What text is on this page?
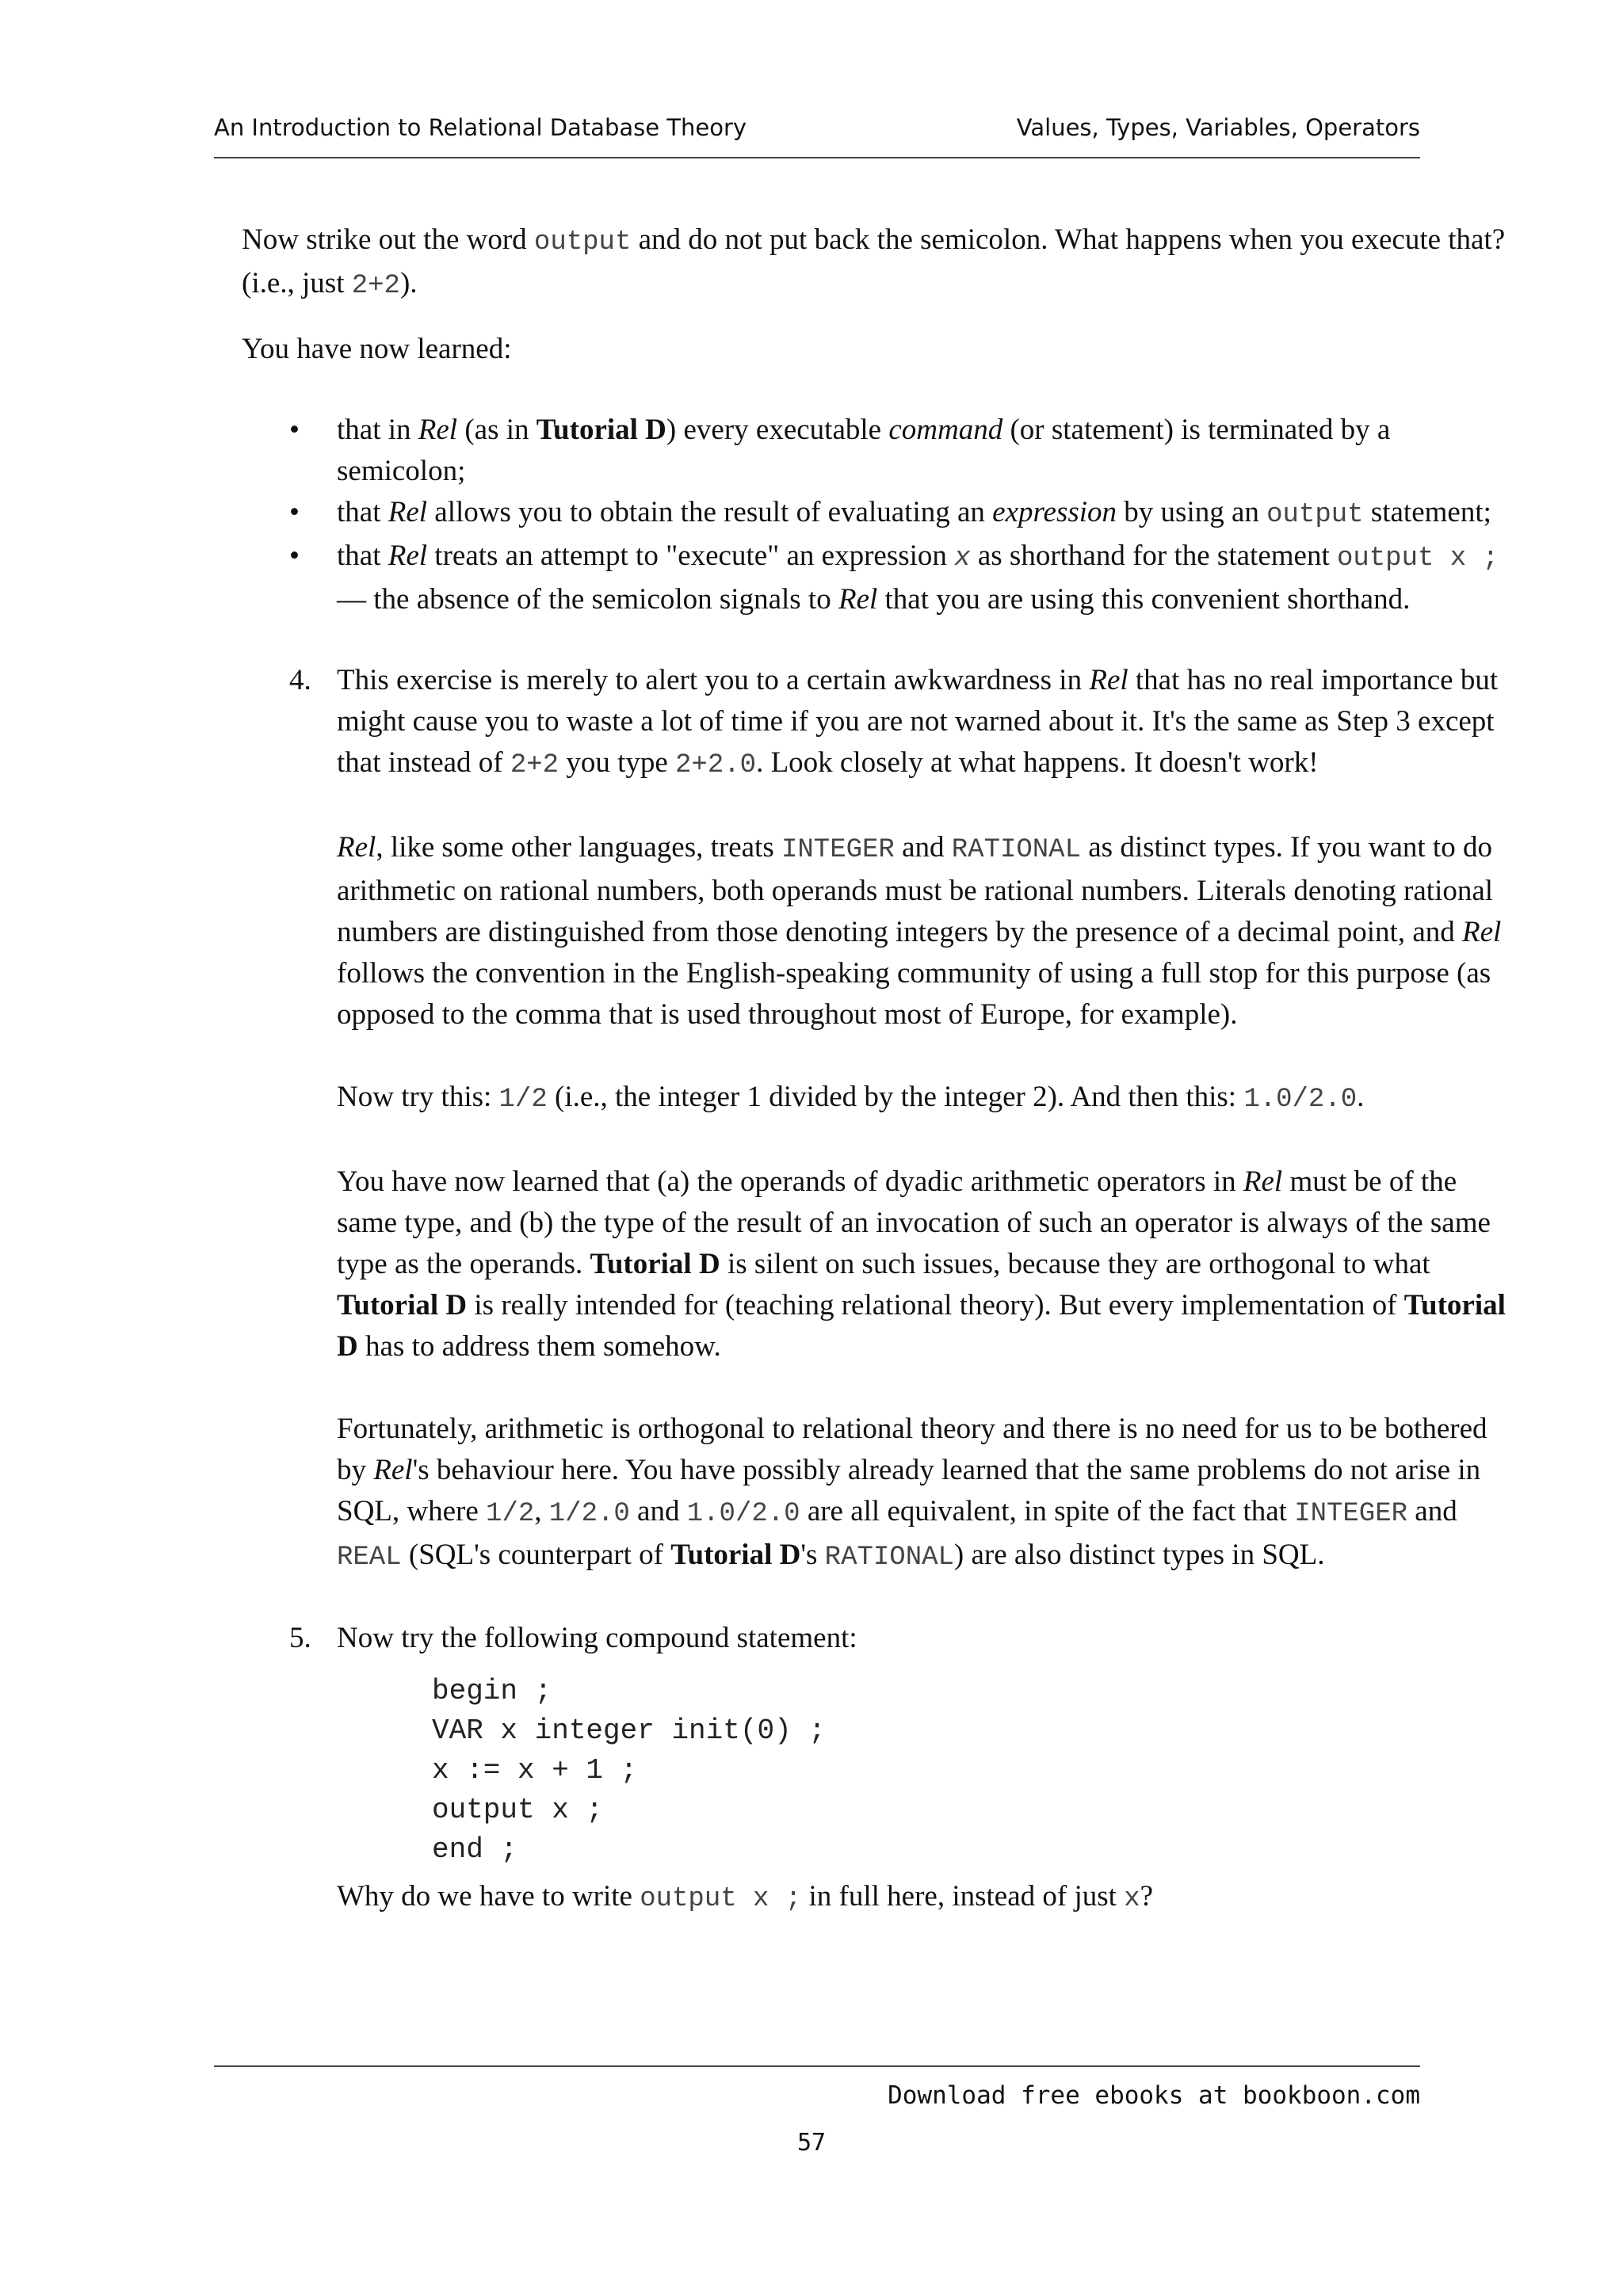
An Introduction to Relational Database Theory	Values, Types, Variables, Operators

Now strike out the word output and do not put back the semicolon. What happens when you execute that? (i.e., just 2+2).

You have now learned:

• that in Rel (as in Tutorial D) every executable command (or statement) is terminated by a semicolon;
• that Rel allows you to obtain the result of evaluating an expression by using an output statement;
• that Rel treats an attempt to "execute" an expression x as shorthand for the statement output x ; — the absence of the semicolon signals to Rel that you are using this convenient shorthand.
4. This exercise is merely to alert you to a certain awkwardness in Rel that has no real importance but might cause you to waste a lot of time if you are not warned about it. It's the same as Step 3 except that instead of 2+2 you type 2+2.0. Look closely at what happens. It doesn't work!

Rel, like some other languages, treats INTEGER and RATIONAL as distinct types. If you want to do arithmetic on rational numbers, both operands must be rational numbers. Literals denoting rational numbers are distinguished from those denoting integers by the presence of a decimal point, and Rel follows the convention in the English-speaking community of using a full stop for this purpose (as opposed to the comma that is used throughout most of Europe, for example).

Now try this: 1/2 (i.e., the integer 1 divided by the integer 2). And then this: 1.0/2.0.

You have now learned that (a) the operands of dyadic arithmetic operators in Rel must be of the same type, and (b) the type of the result of an invocation of such an operator is always of the same type as the operands. Tutorial D is silent on such issues, because they are orthogonal to what Tutorial D is really intended for (teaching relational theory). But every implementation of Tutorial D has to address them somehow.

Fortunately, arithmetic is orthogonal to relational theory and there is no need for us to be bothered by Rel's behaviour here. You have possibly already learned that the same problems do not arise in SQL, where 1/2, 1/2.0 and 1.0/2.0 are all equivalent, in spite of the fact that INTEGER and REAL (SQL's counterpart of Tutorial D's RATIONAL) are also distinct types in SQL.

5. Now try the following compound statement:

begin ;
VAR x integer init(0) ;
x := x + 1 ;
output x ;
end ;

Why do we have to write output x ; in full here, instead of just x?

Download free ebooks at bookboon.com
57
